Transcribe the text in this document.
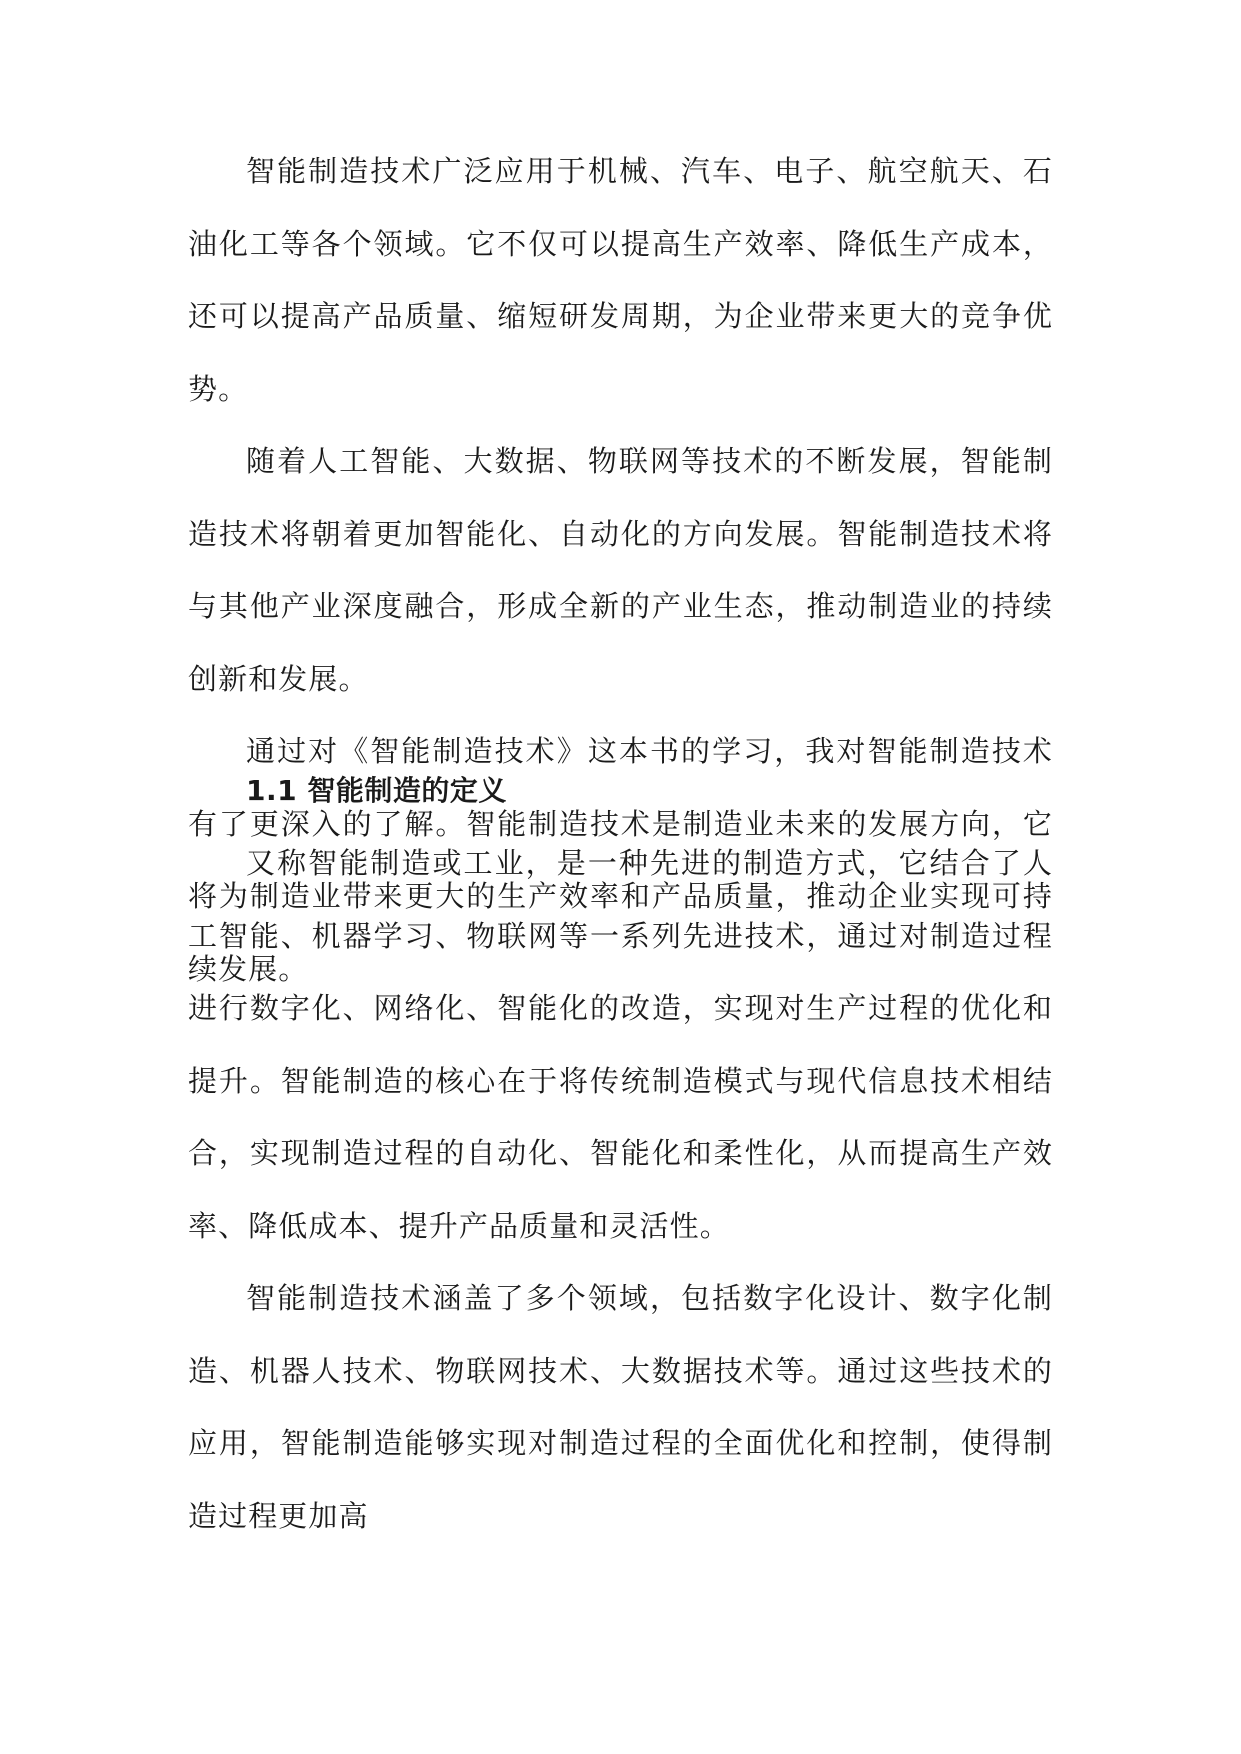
智能制造技术广泛应用于机械、汽车、电子、航空航天、石油化工等各个领域。它不仅可以提高生产效率、降低生产成本，还可以提高产品质量、缩短研发周期，为企业带来更大的竞争优势。

随着人工智能、大数据、物联网等技术的不断发展，智能制造技术将朝着更加智能化、自动化的方向发展。智能制造技术将与其他产业深度融合，形成全新的产业生态，推动制造业的持续创新和发展。

通过对《智能制造技术》这本书的学习，我对智能制造技术有了更深入的了解。智能制造技术是制造业未来的发展方向，它将为制造业带来更大的生产效率和产品质量，推动企业实现可持续发展。

1.1 智能制造的定义

又称智能制造或工业，是一种先进的制造方式，它结合了人工智能、机器学习、物联网等一系列先进技术，通过对制造过程进行数字化、网络化、智能化的改造，实现对生产过程的优化和提升。智能制造的核心在于将传统制造模式与现代信息技术相结合，实现制造过程的自动化、智能化和柔性化，从而提高生产效率、降低成本、提升产品质量和灵活性。

智能制造技术涵盖了多个领域，包括数字化设计、数字化制造、机器人技术、物联网技术、大数据技术等。通过这些技术的应用，智能制造能够实现对制造过程的全面优化和控制，使得制造过程更加高
